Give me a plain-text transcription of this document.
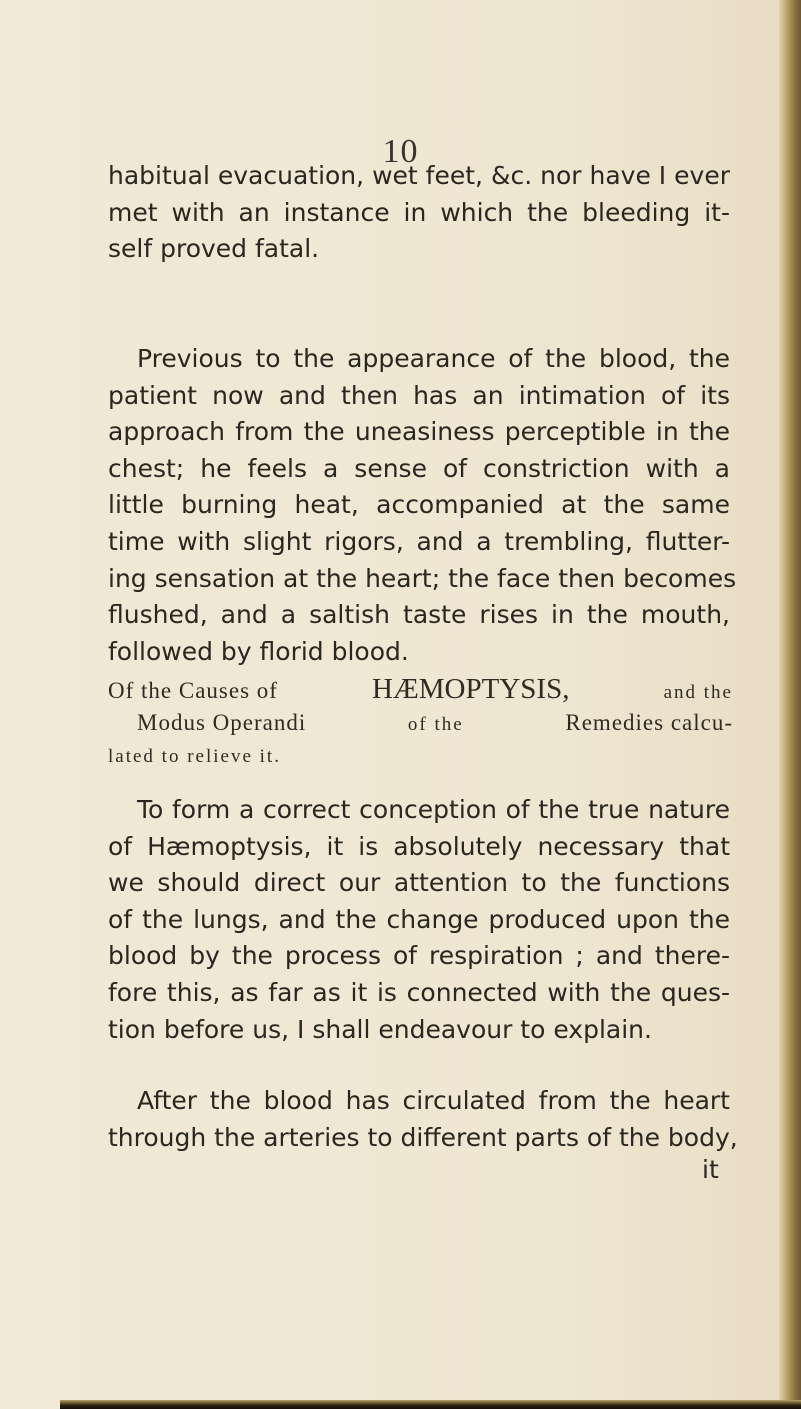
10
habitual evacuation, wet feet, &c. nor have I ever
met with an instance in which the bleeding it-
self proved fatal.
Previous to the appearance of the blood, the
patient now and then has an intimation of its
approach from the uneasiness perceptible in the
chest; he feels a sense of constriction with a
little burning heat, accompanied at the same
time with slight rigors, and a trembling, flutter-
ing sensation at the heart; the face then becomes
flushed, and a saltish taste rises in the mouth,
followed by florid blood.
Of the Causes of	HÆMOPTYSIS,	and the
Modus Operandi	of the	Remedies calcu-
lated to relieve it.
To form a correct conception of the true nature
of Hæmoptysis, it is absolutely necessary that
we should direct our attention to the functions
of the lungs, and the change produced upon the
blood by the process of respiration ; and there-
fore this, as far as it is connected with the ques-
tion before us, I shall endeavour to explain.
After the blood has circulated from the heart
through the arteries to different parts of the body,
it
